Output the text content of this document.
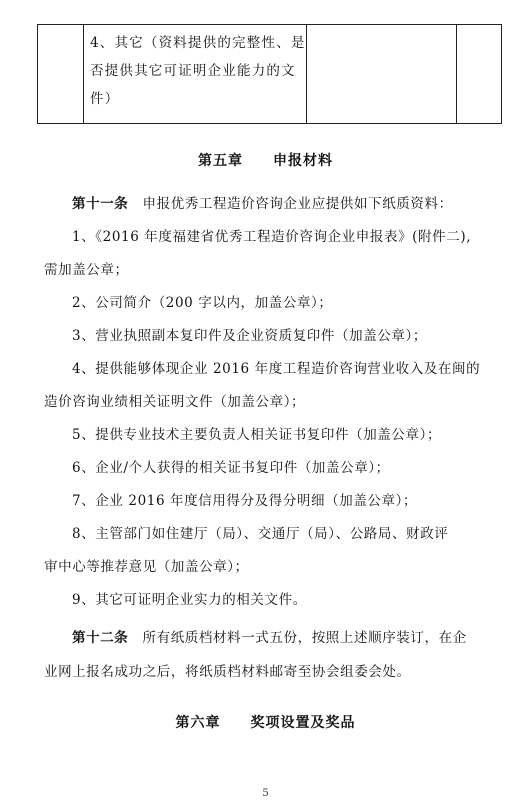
4、其它（资料提供的完整性、是
否提供其它可证明企业能力的文
件）

第五章　　申报材料
第十一条　申报优秀工程造价咨询企业应提供如下纸质资料：
1、《2016 年度福建省优秀工程造价咨询企业申报表》(附件二),
需加盖公章；
2、公司简介（200 字以内，加盖公章）；
3、营业执照副本复印件及企业资质复印件（加盖公章）；
4、提供能够体现企业 2016 年度工程造价咨询营业收入及在闽的
造价咨询业绩相关证明文件（加盖公章）；
5、提供专业技术主要负责人相关证书复印件（加盖公章）；
6、企业/个人获得的相关证书复印件（加盖公章）；
7、企业 2016 年度信用得分及得分明细（加盖公章）；
8、主管部门如住建厅（局）、交通厅（局）、公路局、财政评
审中心等推荐意见（加盖公章）；
9、其它可证明企业实力的相关文件。
第十二条　所有纸质档材料一式五份，按照上述顺序装订，在企
业网上报名成功之后，将纸质档材料邮寄至协会组委会处。
第六章　　奖项设置及奖品
5
